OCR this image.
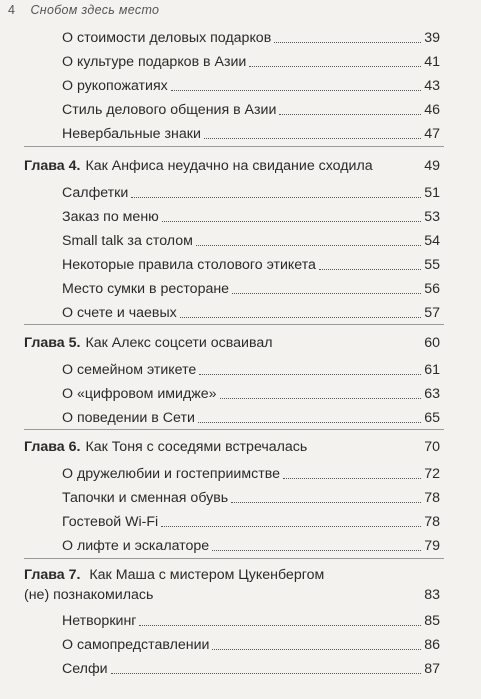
4 Снобом здесь место
О стоимости деловых подарков	39
О культуре подарков в Азии	41
О рукопожатиях	43
Стиль делового общения в Азии	46
Невербальные знаки	47
Глава 4. Как Анфиса неудачно на свидание сходила	49
Салфетки	51
Заказ по меню	53
Small talk за столом	54
Некоторые правила столового этикета	55
Место сумки в ресторане	56
О счете и чаевых	57
Глава 5. Как Алекс соцсети осваивал	60
О семейном этикете	61
О «цифровом имидже»	63
О поведении в Сети	65
Глава 6. Как Тоня с соседями встречалась	70
О дружелюбии и гостеприимстве	72
Тапочки и сменная обувь	78
Гостевой Wi-Fi	78
О лифте и эскалаторе	79
Глава 7. Как Маша с мистером Цукенбергом
(не) познакомилась	83
Нетворкинг	85
О самопредставлении	86
Селфи	87
